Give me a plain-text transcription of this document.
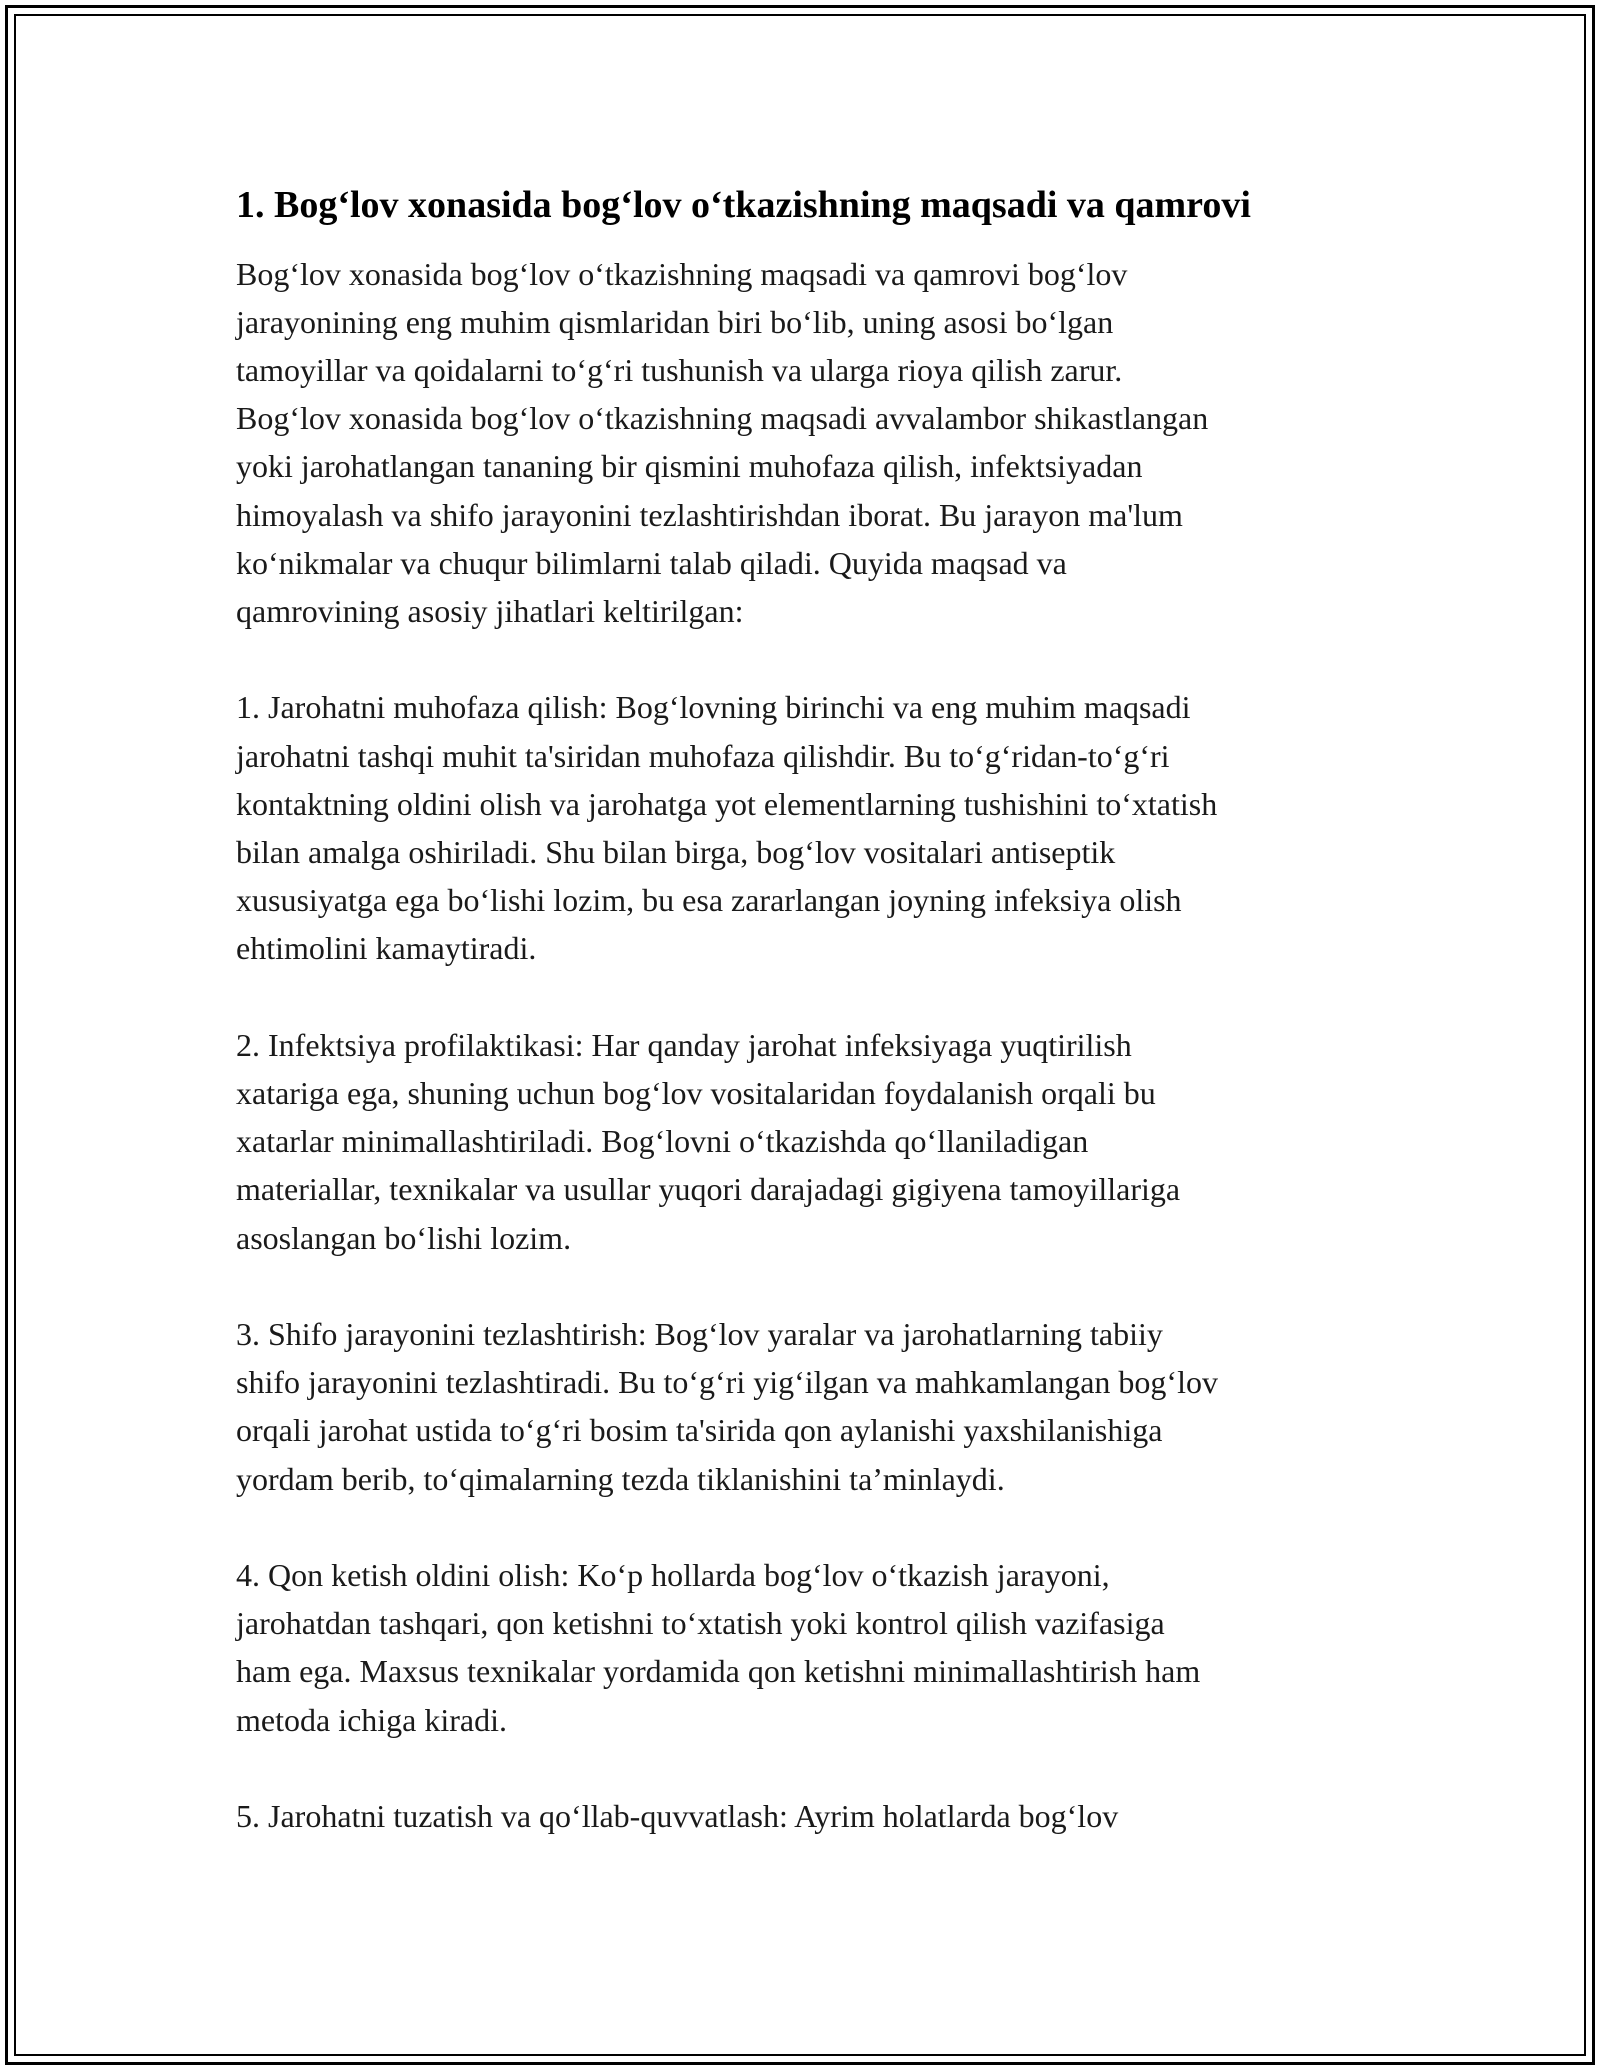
1. Bog‘lov xonasida bog‘lov o‘tkazishning maqsadi va qamrovi

Bog‘lov xonasida bog‘lov o‘tkazishning maqsadi va qamrovi bog‘lov
jarayonining eng muhim qismlaridan biri bo‘lib, uning asosi bo‘lgan
tamoyillar va qoidalarni to‘g‘ri tushunish va ularga rioya qilish zarur.
Bog‘lov xonasida bog‘lov o‘tkazishning maqsadi avvalambor shikastlangan
yoki jarohatlangan tananing bir qismini muhofaza qilish, infektsiyadan
himoyalash va shifo jarayonini tezlashtirishdan iborat. Bu jarayon ma'lum
ko‘nikmalar va chuqur bilimlarni talab qiladi. Quyida maqsad va
qamrovining asosiy jihatlari keltirilgan:

1. Jarohatni muhofaza qilish: Bog‘lovning birinchi va eng muhim maqsadi
jarohatni tashqi muhit ta'siridan muhofaza qilishdir. Bu to‘g‘ridan-to‘g‘ri
kontaktning oldini olish va jarohatga yot elementlarning tushishini to‘xtatish
bilan amalga oshiriladi. Shu bilan birga, bog‘lov vositalari antiseptik
xususiyatga ega bo‘lishi lozim, bu esa zararlangan joyning infeksiya olish
ehtimolini kamaytiradi.

2. Infektsiya profilaktikasi: Har qanday jarohat infeksiyaga yuqtirilish
xatariga ega, shuning uchun bog‘lov vositalaridan foydalanish orqali bu
xatarlar minimallashtiriladi. Bog‘lovni o‘tkazishda qo‘llaniladigan
materiallar, texnikalar va usullar yuqori darajadagi gigiyena tamoyillariga
asoslangan bo‘lishi lozim.

3. Shifo jarayonini tezlashtirish: Bog‘lov yaralar va jarohatlarning tabiiy
shifo jarayonini tezlashtiradi. Bu to‘g‘ri yig‘ilgan va mahkamlangan bog‘lov
orqali jarohat ustida to‘g‘ri bosim ta'sirida qon aylanishi yaxshilanishiga
yordam berib, to‘qimalarning tezda tiklanishini ta’minlaydi.

4. Qon ketish oldini olish: Ko‘p hollarda bog‘lov o‘tkazish jarayoni,
jarohatdan tashqari, qon ketishni to‘xtatish yoki kontrol qilish vazifasiga
ham ega. Maxsus texnikalar yordamida qon ketishni minimallashtirish ham
metoda ichiga kiradi.

5. Jarohatni tuzatish va qo‘llab-quvvatlash: Ayrim holatlarda bog‘lov
